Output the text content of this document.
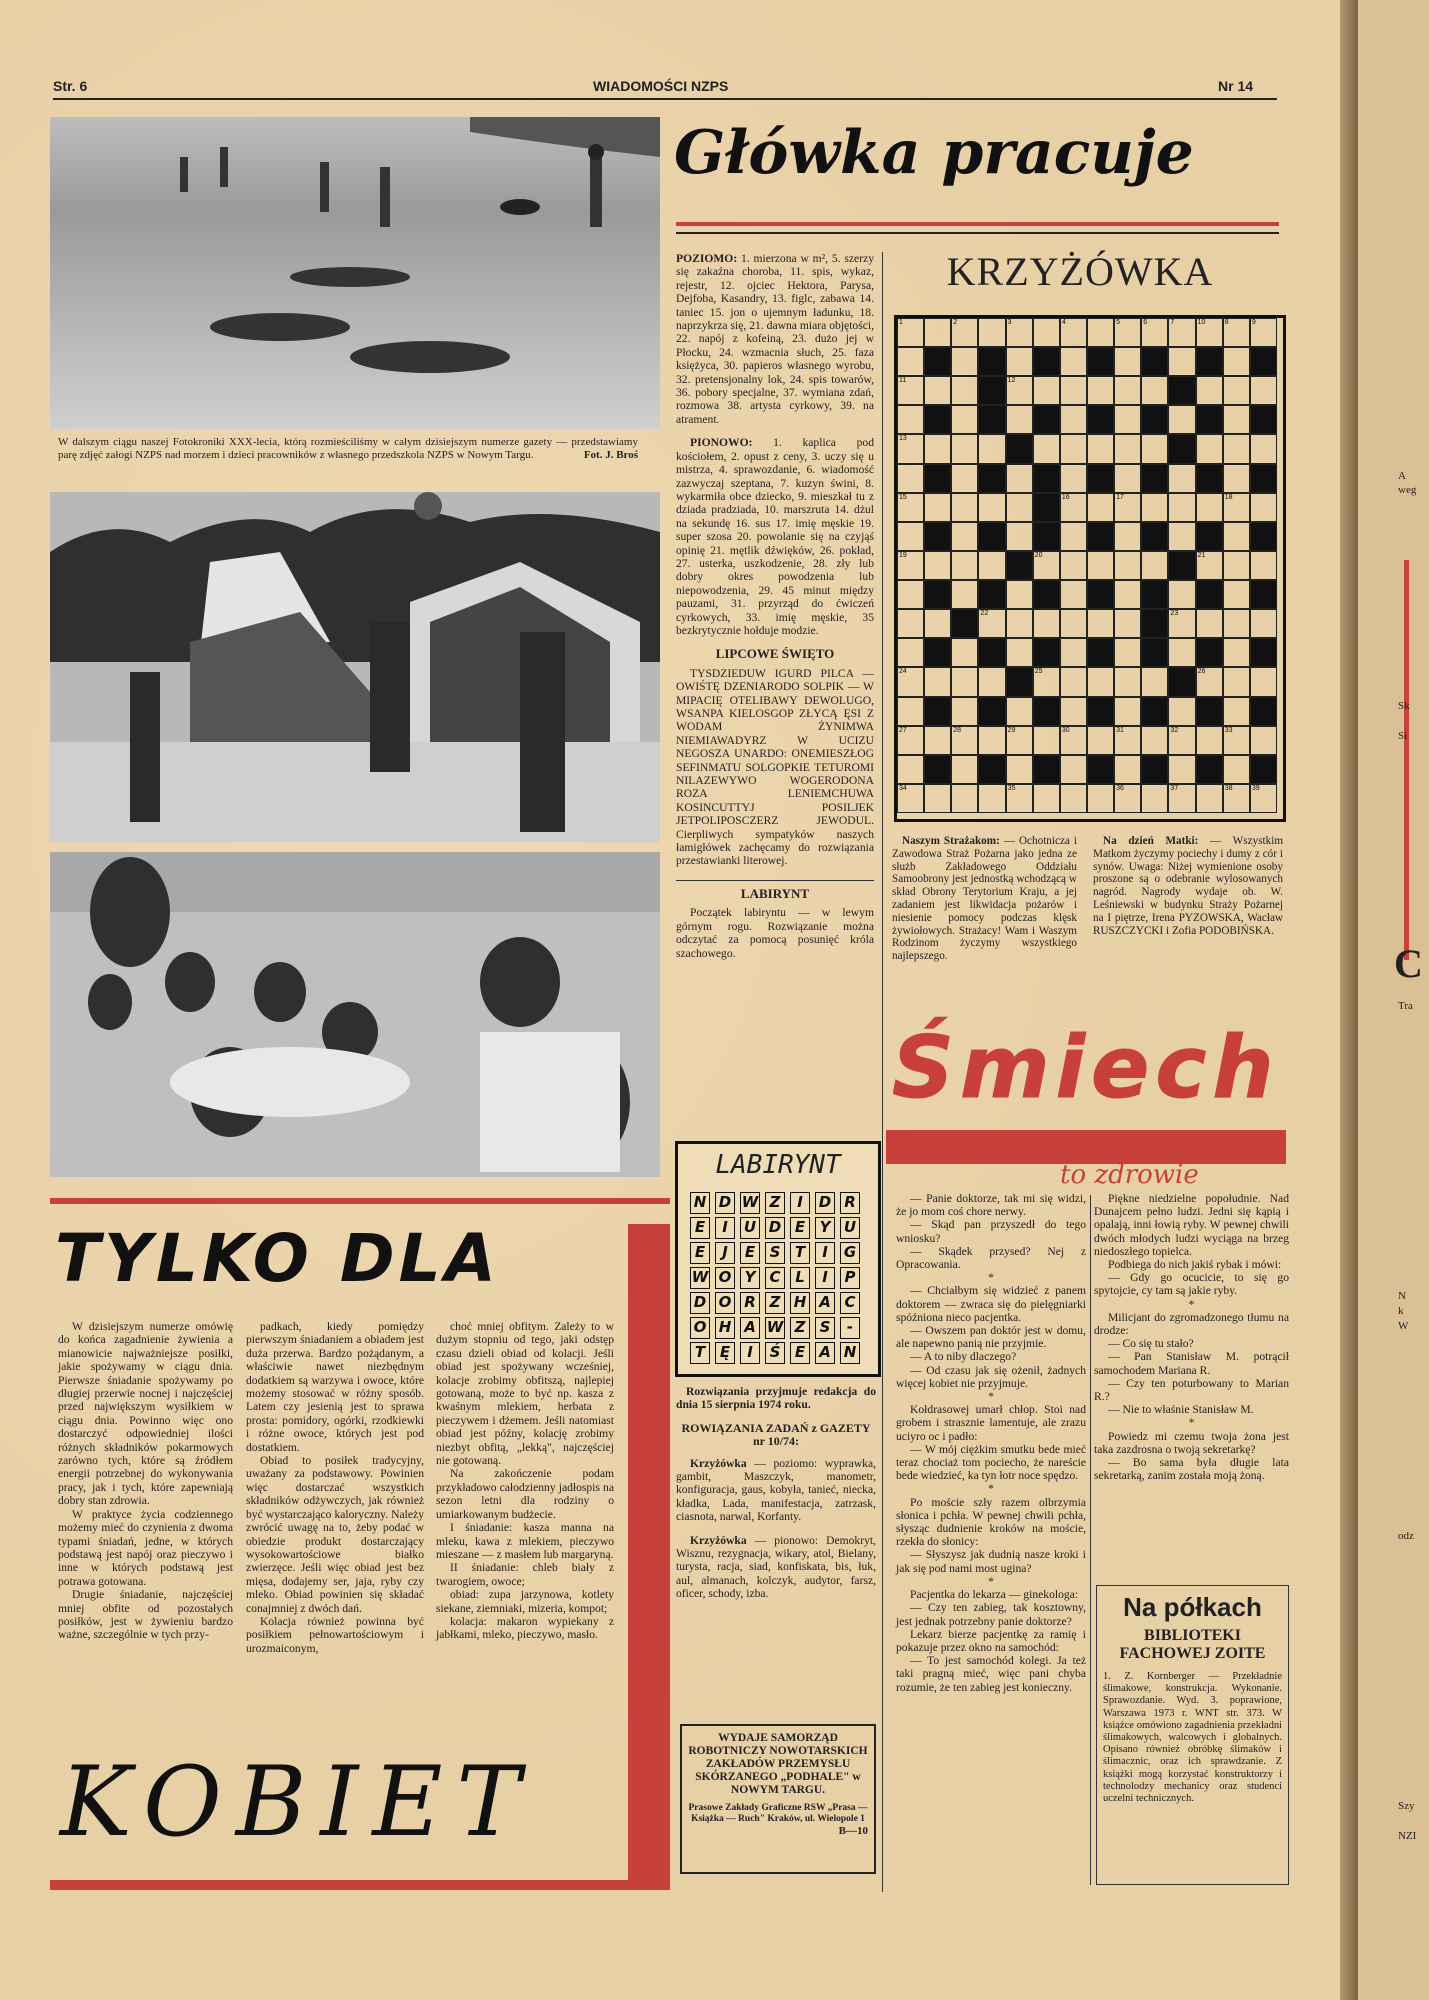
Str. 6	WIADOMOŚCI NZPS	Nr 14
W dalszym ciągu naszej Fotokroniki XXX-lecia, którą rozmieściliśmy w całym dzisiejszym numerze gazety — przedstawiamy parę zdjęć załogi NZPS nad morzem i dzieci pracowników z własnego przedszkola NZPS w Nowym Targu.	Fot. J. Broś
Główka pracuje
KRZYŻÓWKA

POZIOMO: 1. mierzona w m², 5. szerzy się zakaźna choroba, 11. spis, wykaz, rejestr, 12. ojciec Hektora, Parysa, Dejfoba, Kasandry, 13. figlc, zabawa 14. taniec 15. jon o ujemnym ładunku, 18. naprzykrza się, 21. dawna miara objętości, 22. napój z kofeiną, 23. dużo jej w Płocku, 24. wzmacnia słuch, 25. faza księżyca, 30. papieros własnego wyrobu, 32. pretensjonalny lok, 24. spis towarów, 36. pobory specjalne, 37. wymiana zdań, rozmowa 38. artysta cyrkowy, 39. na atrament.

PIONOWO: 1. kaplica pod kościołem, 2. opust z ceny, 3. uczy się u mistrza, 4. sprawozdanie, 6. wiadomość zazwyczaj szeptana, 7. kuzyn świni, 8. wykarmiła obce dziecko, 9. mieszkał tu z dziada pradziada, 10. marszruta 14. dżul na sekundę 16. sus 17. imię męskie 19. super szosa 20. powolanie się na czyjąś opinię 21. mętlik dźwięków, 26. pokład, 27. usterka, uszkodzenie, 28. zły lub dobry okres powodzenia lub niepowodzenia, 29. 45 minut między pauzami, 31. przyrząd do ćwiczeń cyrkowych, 33. imię męskie, 35 bezkrytycznie hołduje modzie.

LIPCOWE ŚWIĘTO

TYSDZIEDUW IGURD PILCA — OWIŚTĘ DZENIARODO SOLPIK — W MIPACIĘ OTELIBAWY DEWOLUGO, WSANPA KIELOSGOP ZŁYCĄ ĘSI Z WODAM ŻYNIMWA NIEMIAWADYRZ W UCIZU NEGOSZA UNARDO: ONEMIESZŁOG SEFINMATU SOLGOPKIE TETUROMI NILAZEWYWO WOGERODONA ROZA LENIEMCHUWA KOSINCUTTYJ POSILJEK JETPOLIPOSCZERZ JEWODUL. Cierpliwych sympatyków naszych łamigłówek zachęcamy do rozwiązania przestawianki literowej.

LABIRYNT

Początek labiryntu — w lewym górnym rogu. Rozwiązanie można odczytać za pomocą posunięć króla szachowego.

1	2	3	4	5	6	7	10	8	9
11	12
13
15	16	17	18
19	20	21
22	23
24	25	26
27	28	29	30	31	32	33
34	35	36	37	38	39

Naszym Strażakom: — Ochotnicza i Zawodowa Straż Pożarna jako jedna ze służb Zakładowego Oddziału Samoobrony jest jednostką wchodzącą w skład Obrony Terytorium Kraju, a jej zadaniem jest likwidacja pożarów i niesienie pomocy podczas klęsk żywiołowych. Strażacy! Wam i Waszym Rodzinom życzymy wszystkiego najlepszego.

Na dzień Matki: — Wszystkim Matkom życzymy pociechy i dumy z cór i synów. Uwaga: Niżej wymienione osoby proszone są o odebranie wylosowanych nagród. Nagrody wydaje ob. W. Leśniewski w budynku Straży Pożarnej na I piętrze, Irena PYZOWSKA, Wacław RUSZCZYCKI i Zofia PODOBIŃSKA.

LABIRYNT
N D W Z	I	D R
E	I	U D E Y U
E	J	E S T	I	G
W O Y C L	I	P
D O R Z H A C
O H A W Z S	-
T Ę	I	Ś E A N

Rozwiązania przyjmuje redakcja do dnia 15 sierpnia 1974 roku.

ROWIĄZANIA ZADAŃ z GAZETY nr 10/74:

Krzyżówka — poziomo: wyprawka, gambit, Maszczyk, manometr, konfiguracja, gaus, kobyła, tanieć, niecka, kładka, Lada, manifestacja, zatrzask, ciasnota, narwal, Korfanty.

Krzyżówka — pionowo: Demokryt, Wisznu, rezygnacja, wikary, atol, Bielany, turysta, racja, siad, konfiskata, bis, łuk, aul, almanach, kolczyk, audytor, farsz, oficer, schody, izba.

WYDAJE SAMORZĄD ROBOTNICZY NOWOTARSKICH ZAKŁADÓW PRZEMYSŁU SKÓRZANEGO „PODHALE" w NOWYM TARGU.
Prasowe Zakłady Graficzne RSW „Prasa — Książka — Ruch" Kraków, ul. Wielopole 1
B—10
Śmiech
to zdrowie

— Panie doktorze, tak mi się widzi, że jo mom coś chore nerwy.

— Skąd pan przyszedł do tego wniosku?

— Skądek przysed? Nej z Opracowania.

*

— Chciałbym się widzieć z panem doktorem — zwraca się do pielęgniarki spóźniona nieco pacjentka.

— Owszem pan doktór jest w domu, ale napewno panią nie przyjmie.

— A to niby dlaczego?

— Od czasu jak się ożenił, żadnych więcej kobiet nie przyjmuje.

*

Kołdrasowej umarł chłop. Stoi nad grobem i strasznie lamentuje, ale zrazu uciyro oc i padło:

— W mój ciężkim smutku bede mieć teraz chociaż tom pociecho, że nareście bede wiedzieć, ka tyn łotr noce spędzo.

*

Po moście szły razem olbrzymia słonica i pchła. W pewnej chwili pchła, słysząc dudnienie kroków na moście, rzekła do słonicy:

— Słyszysz jak dudnią nasze kroki i jak się pod nami most ugina?

*

Pacjentka do lekarza — ginekologa:

— Czy ten zabieg, tak kosztowny, jest jednak potrzebny panie doktorze?

Lekarz bierze pacjentkę za ramię i pokazuje przez okno na samochód:

— To jest samochód kolegi. Ja też taki pragną mieć, więc pani chyba rozumie, że ten zabieg jest konieczny.

Piękne niedzielne popołudnie. Nad Dunajcem pełno ludzi. Jedni się kąpią i opalają, inni łowią ryby. W pewnej chwili dwóch młodych ludzi wyciąga na brzeg niedoszłego topielca.

Podbiega do nich jakiś rybak i mówi:

— Gdy go ocucicie, to się go spytojcie, cy tam są jakie ryby.

*

Milicjant do zgromadzonego tłumu na drodze:

— Co się tu stało?

— Pan Stanisław M. potrącił samochodem Mariana R.

— Czy ten poturbowany to Marian R.?

— Nie to właśnie Stanisław M.

*

Powiedz mi czemu twoja żona jest taka zazdrosna o twoją sekretarkę?

— Bo sama była długie lata sekretarką, zanim została moją żoną.

Na półkach
BIBLIOTEKI
FACHOWEJ ZOITE
1. Z. Kornberger — Przekładnie ślimakowe, konstrukcja. Wykonanie. Sprawozdanie. Wyd. 3. poprawione, Warszawa 1973 r. WNT str. 373. W książce omówiono zagadnienia przekładni ślimakowych, walcowych i globalnych. Opisano również obróbkę ślimaków i ślimacznic, oraz ich sprawdzanie. Z książki mogą korzystać konstruktorzy i technolodzy mechanicy oraz studenci uczelni technicznych.
TYLKO DLA

W dzisiejszym numerze omówię do końca zagadnienie żywienia a mianowicie najważniejsze posiłki, jakie spożywamy w ciągu dnia. Pierwsze śniadanie spożywamy po długiej przerwie nocnej i najczęściej przed największym wysiłkiem w ciągu dnia. Powinno więc ono dostarczyć odpowiedniej ilości różnych składników pokarmowych zarówno tych, które są źródłem energii potrzebnej do wykonywania pracy, jak i tych, które zapewniają dobry stan zdrowia.

W praktyce życia codziennego możemy mieć do czynienia z dwoma typami śniadań, jedne, w których podstawą jest napój oraz pieczywo i inne w których podstawą jest potrawa gotowana.

Drugie śniadanie, najczęściej mniej obfite od pozostałych posiłków, jest w żywieniu bardzo ważne, szczególnie w tych przy-

padkach, kiedy pomiędzy pierwszym śniadaniem a obiadem jest duża przerwa. Bardzo pożądanym, a właściwie nawet niezbędnym dodatkiem są warzywa i owoce, które możemy stosować w różny sposób. Latem czy jesienią jest to sprawa prosta: pomidory, ogórki, rzodkiewki i różne owoce, których jest pod dostatkiem.

Obiad to posiłek tradycyjny, uważany za podstawowy. Powinien więc dostarczać wszystkich składników odżywczych, jak również być wystarczająco kaloryczny. Należy zwrócić uwagę na to, żeby podać w obiedzie produkt dostarczający wysokowartościowe białko zwierzęce. Jeśli więc obiad jest bez mięsa, dodajemy ser, jaja, ryby czy mleko. Obiad powinien się składać conajmniej z dwóch dań.

Kolacja również powinna być posiłkiem pełnowartościowym i urozmaiconym,

choć mniej obfitym. Zależy to w dużym stopniu od tego, jaki odstęp czasu dzieli obiad od kolacji. Jeśli obiad jest spożywany wcześniej, kolacje zrobimy obfitszą, najlepiej gotowaną, może to być np. kasza z kwaśnym mlekiem, herbata z pieczywem i dżemem. Jeśli natomiast obiad jest późny, kolację zrobimy niezbyt obfitą, „lekką", najczęściej nie gotowaną.

Na zakończenie podam przykładowo całodzienny jadłospis na sezon letni dla rodziny o umiarkowanym budżecie.

I śniadanie: kasza manna na mleku, kawa z mlekiem, pieczywo mieszane — z masłem lub margaryną.

II śniadanie: chleb biały z twarogiem, owoce;

obiad: zupa jarzynowa, kotlety siekane, ziemniaki, mizeria, kompot;

kolacja: makaron wypiekany z jabłkami, mleko, pieczywo, masło.

KOBIET
A
weg
Sk
Si
N
k
W
odz
Szy
NZI
Tra
C
